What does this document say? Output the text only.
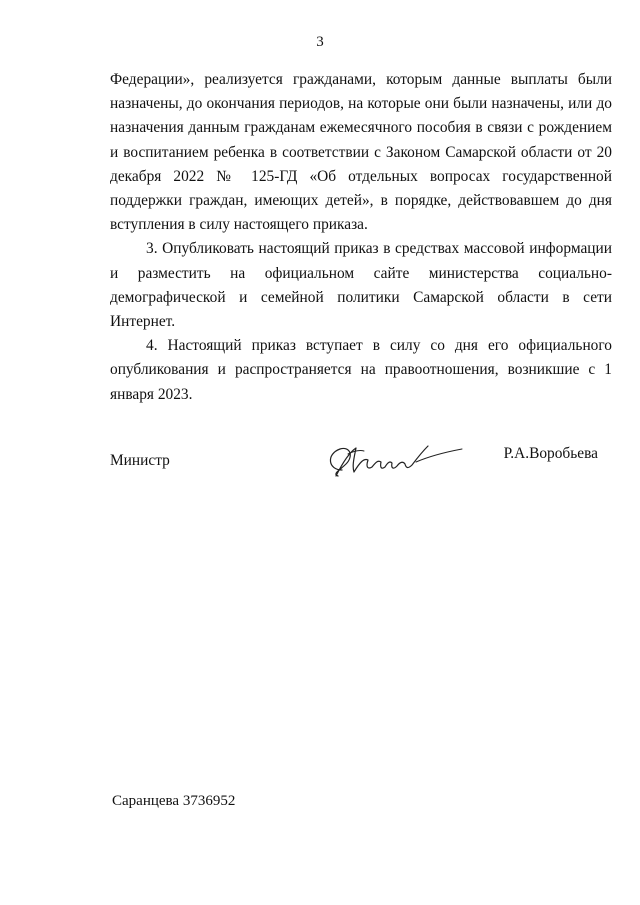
3

Федерации», реализуется гражданами, которым данные выплаты были назначены, до окончания периодов, на которые они были назначены, или до назначения данным гражданам ежемесячного пособия в связи с рождением и воспитанием ребенка в соответствии с Законом Самарской области от 20 декабря 2022 № 125-ГД «Об отдельных вопросах государственной поддержки граждан, имеющих детей», в порядке, действовавшем до дня вступления в силу настоящего приказа.

3. Опубликовать настоящий приказ в средствах массовой информации и разместить на официальном сайте министерства социально-демографической и семейной политики Самарской области в сети Интернет.

4. Настоящий приказ вступает в силу со дня его официального опубликования и распространяется на правоотношения, возникшие с 1 января 2023.

Министр	Р.А.Воробьева
Саранцева 3736952
